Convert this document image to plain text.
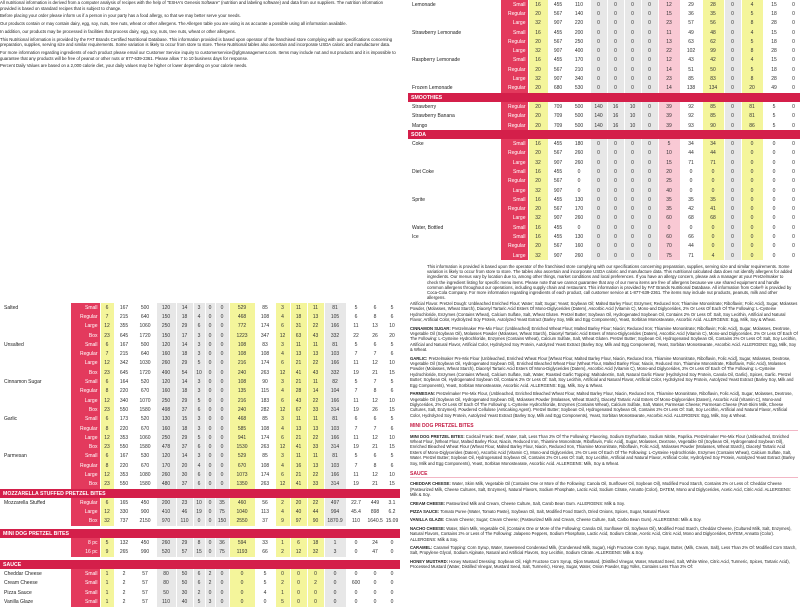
All nutritional information is derived from a computer analysis of recipes with the help of "ESHA's Genesis Software" (nutrition and labeling software) and data from our suppliers. The nutrition information provided is based on standard recipes that is subject to change.

Before placing your order please inform us if a person in your party has a food allergy, so that we may better serve your needs.

Our products contain or may contain dairy, egg, soy, nuts, tree nuts, wheat or other allergens. The Allergen table you are using is as accurate a possible using all information available.

In addition, our products may be processed in facilities that process dairy, egg, soy, nuts, tree nuts, wheat or other allergens.

This Nutritional information is provided by the FAT Brands Certified Nutritional Database. This information provided is based upon operator of the franchised store complying with our specifications concerning preparation, supplies, serving size and similar requirements. Some variation is likely to occur from store to store. These Nutritional tables also ascertain and incorporate USDA caloric and manufacturer data.

For more information regarding ingredients of each product please email our Customer Service inquiry to customerservice@gfgmanagement.com. Items may include nut and nut products and it is impossible to guarantee that any products will be free of peanut or other nuts or 877-639-2361. Please allow 7 to 10 business days for response.

Percent Daily Values are based on a 2,000 calorie diet, your daily values may be higher or lower depending on your calorie needs.

Lemonade	Small	16	455	110	0	0	0	0	12	29	28	0	4	15	0
	Regular	20	567	140	0	0	0	0	15	36	35	0	5	18	0
	Large	32	907	220	0	0	0	0	23	57	56	0	8	28	0
Strawberry Lemonade	Small	16	455	200	0	0	0	0	11	49	48	0	4	15	0
	Regular	20	567	250	0	0	0	0	13	63	62	0	5	18	0
	Large	32	907	400	0	0	0	0	22	102	99	0	8	28	0
Raspberry Lemonade	Small	16	455	170	0	0	0	0	12	43	42	0	4	15	0
	Regular	20	567	210	0	0	0	0	14	51	50	0	5	18	0
	Large	32	907	340	0	0	0	0	23	85	83	0	8	28	0
Frozen Lemonade	Regular	20	680	530	0	0	0	0	14	138	134	0	20	49	0
SMOOTHIES															
Strawberry	Regular	20	709	500	140	16	10	0	39	92	85	0	81	5	0
Strawberry Banana	Regular	20	709	500	140	16	10	0	39	92	85	0	81	5	0
Mango	Regular	20	709	500	140	16	10	0	39	93	90	0	86	5	0
SODA															
Coke	Small	16	455	180	0	0	0	0	5	34	34	0	0	0	0
	Regular	20	567	260	0	0	0	0	10	44	44	0	0	0	0
	Large	32	907	260	0	0	0	0	15	71	71	0	0	0	0
Diet Coke	Small	16	455	0	0	0	0	0	20	0	0	0	0	0	0
	Regular	20	567	0	0	0	0	0	25	0	0	0	0	0	0
	Large	32	907	0	0	0	0	0	40	0	0	0	0	0	0
Sprite	Small	16	455	130	0	0	0	0	35	35	35	0	0	0	0
	Regular	20	567	170	0	0	0	0	35	42	41	0	0	0	0
	Large	32	907	260	0	0	0	0	60	68	68	0	0	0	0
Water, Bottled	Small	16	455	0	0	0	0	0	0	0	0	0	0	0	0
Ice	Small	16	455	130	0	0	0	0	60	66	0	0	0	0	0
	Regular	20	567	160	0	0	0	0	70	44	0	0	0	0	0
	Large	32	907	260	0	0	0	0	75	71	4	0	0	0	0
This information is provided is based upon the operator of the franchised store complying with our specifications concerning preparation, supplies, serving size and similar requirements. Some variation is likely to occur from store to store. The tables also ascertain and incorporate USDA caloric and manufacture data. This nutritional calculated data does not identify allergens for added ingredients. Our menus vary by location due to, among other things, market conditions and local preferences. If you have an allergy concern, please ask a manager at your Pretzelmaker to check the ingredient listing for specific menu items. Please note that we cannot guarantee that any of our menu items are free of allergens because we use shared equipment and handle common allergens throughout our operations, including supply chain and restaurant. This information is provided by FAT Brands Nutritional Database. All information from Coke® is provided by Coca-Cola Company. For more information regarding ingredients of each product, call customer service at 1-877-639-2361. The items may include nut products, peanuts, milk and other allergens.
Salted	Small	6	167	500	120	14	3	0	0	529	85	3	11	11	81	5	6	5
	Regular	7	215	640	150	18	4	0	0	468	108	4	18	13	105	6	8	6
	Large	12	355	1060	250	29	6	0	0	772	174	6	31	22	166	11	13	10
	Box	23	645	1720	150	17	3	0	0	1223	347	12	63	43	332	22	26	20
Unsalted	Small	6	167	500	120	14	3	0	0	108	83	3	11	11	81	5	6	5
	Regular	7	215	640	160	18	3	0	0	108	108	4	13	13	103	7	7	6
	Large	12	342	1030	260	29	5	0	0	216	174	6	21	22	166	11	12	10
	Box	23	645	1720	490	54	10	0	0	240	263	12	41	43	332	19	21	15
Cinnamon Sugar	Small	6	164	520	120	14	3	0	0	108	90	3	21	11	82	5	7	5
	Regular	8	220	670	160	18	3	0	0	135	115	4	28	14	104	7	8	6
	Large	12	340	1070	250	29	5	0	0	216	183	6	43	22	166	11	12	10
	Box	23	550	1580	498	37	6	0	0	240	282	12	67	33	314	19	26	15
Garlic	Small	6	173	520	130	15	3	0	0	468	85	3	11	11	81	6	6	5
	Regular	8	220	670	160	18	3	0	0	585	108	4	13	13	103	7	7	6
	Large	12	353	1060	250	29	5	0	0	941	174	6	21	22	166	11	12	10
	Box	23	550	1580	478	37	6	0	0	1530	263	12	41	33	314	19	21	15
Parmesan	Small	6	167	530	120	14	3	0	0	529	85	3	11	11	81	5	6	5
	Regular	8	220	670	170	20	4	0	0	670	108	4	16	13	103	7	8	6
	Large	12	353	1080	260	30	6	0	0	1073	174	6	21	22	166	11	12	10
	Box	23	550	1580	480	37	6	0	0	1350	263	12	41	33	314	19	21	15
MOZZARELLA STUFFED PRETZEL BITES																		
Mozzarella Stuffed	Regular	6	165	450	200	23	10	0	35	460	56	2	20	22	497	22.7	449	3.1
	Large	12	330	900	410	46	19	0	75	1040	113	4	40	44	994	45.4	898	6.2
	Box	32	737	2150	970	110	0	0	150	2550	37	9	97	90	1870.9	110	1640.5	15.09

MINI DOG PRETZEL BITES																		
	8 pc	5	132	450	260	29	8	0	36	594	33	1	6	18	1	0	24	0
	16 pc	9	265	990	520	57	15	0	75	1193	66	2	12	32	3	0	47	0

SAUCE																		
Cheddar Cheese	Small	1	2	57	80	50	6	2	0	0	5	0	0	0	0	0	0	0
Cream Cheese	Small	1	2	57	80	50	6	2	0	0	5	2	0	2	0	600	0	0
Pizza Sauce	Small	1	2	57	50	30	2	0	0	0	4	1	0	0	0	0	0	0
Vanilla Glaze	Small	1	2	57	110	40	5	3	0	0	0	5	0	0	0	0	0	0

Artificial Flavor. Pretzel Dough: Unbleached Enriched Flour; Water; Salt; Sugar; Yeast; Soybean Oil; Malted Barley Flour; Enzymes; Reduced Iron; Thiamine Mononitrate; Riboflavin; Folic Acid), Sugar, Molasses Powder, (Molasses, Wheat Starch), Diacetyl Tartaric Acid Esters Of Mono-Diglycerides (Datem), Ascorbic Acid (Vitamin C), Mono-and Diglycerides, 2% Or Less Of Each Of The Following: L-Cysteine Hydrochloride, Enzymes (Contains Wheat), Calcium Sulfate, Salt, Wheat Gluten. Pretzel Butter; Soybean Oil, Hydrogenated Soybean Oil, Contains 2% Or Less Of: Salt, Soy Lecithin, Artificial and Natural Flavor, Artificial Color, Hydrolyzed Soy Protein, Autolyzed Yeast Extract (Barley Soy, Milk and Egg Components), Yeast, Sorbitan Monostearate, Ascorbic Acid. ALLERGENS: Egg, Milk, Soy & Wheat.

CINNAMON SUGAR: Pretzelmaker Pre-Mix Flour: (Unbleached) Enriched Wheat Flour; Malted Barley Flour; Niacin; Reduced Iron; Thiamine Mononitrate; Riboflavin; Folic Acid), Sugar, Molasses, Dextrose, Vegetable Oil (Soybean Oil), Molasses Powder (Molasses, Wheat Starch), Diacetyl Tartaric Acid Esters of Mono-Diglycerides (Datem), Ascorbic Acid (Vitamin C), Mono-and Diglycerides. 2% Or Less Of Each Of The Following: L-Cysteine Hydrochloride, Enzymes (Contains Wheat), Calcium Sulfate, Salt, Wheat Gluten. Pretzel Butter; Soybean Oil, Hydrogenated Soybean Oil, Contains 2% Or Less Of: Salt, Soy Lecithin, Artificial and Natural Flavor, Artificial Color, Hydrolyzed Soy Protein, Autolyzed Yeast Extract (Barley Soy, Milk and Egg Components), Yeast, Sorbitan Monostearate, Ascorbic Acid. ALLERGENS: Egg, Milk, Soy & Wheat.

GARLIC: Pretzelmaker Pre-Mix Flour (Unbleached, Enriched Wheat Flour [Wheat Flour, Malted Barley Flour, Niacin, Reduced Iron, Thiamine Mononitrate, Riboflavin, Folic Acid], Sugar, Molasses, Dextrose, Vegetable Oil (Soybean Oil, Hydrogenated Soybean Oil), Enriched Bleached Wheat Flour (Wheat Flour, Malted Barley Flour, Niacin, Reduced Iron, Thiamine Mononitrate, Riboflavin, Folic Acid), Molasses Powder (Molasses, Wheat Starch), Diacetyl Tartaric Acid Esters Of Mono-Diglycerides (Datem), Ascorbic Acid (Vitamin C), Mono-and Diglycerides, 2% Or Less Of Each Of The Following: L-Cysteine Hydrochloride, Enzymes (Contains Wheat), Calcium Sulfate, Salt, Water, Roasted Garlic Topping: Maltodextrin, Salt, Natural Garlic Flavor (Hydrolyzed Soy Protein, Canola Oil, Garlic), Spices, Garlic. Pretzel Butter; Soybean Oil, Hydrogenated Soybean Oil, Contains 2% Or Less Of: Salt, Soy Lecithin, Artificial and Natural Flavor, Artificial Color, Hydrolyzed Soy Protein, Autolyzed Yeast Extract (Barley Soy, Milk and Egg Components), Yeast, Sorbitan Monostearate, Ascorbic Acid. ALLERGENS: Egg, Milk, Soy & Wheat.

PARMESAN: Pretzelmaker Pre-Mix Flour, (Unbleached, Enriched Bleached Wheat Flour, Malted Barley Flour, Niacin, Reduced Iron, Thiamine Mononitrate, Riboflavin, Folic Acid), Sugar, Molasses, Dextrose, Vegetable Oil (Soybean Oil, Hydrogenated Soybean Oil), Molasses Powder (Molasses, Wheat Starch), Diacetyl Tartaric Acid Esters Of Mono-Diglycerides (Datem), Ascorbic Acid (Vitamin C), Mono-and Diglycerides, 2% Or Less Of Each Of The Following: L-Cysteine Hydrochloride, Enzymes (Contains Wheat), Calcium Sulfate, Salt, Water, Parmesan Cheese; Parmesan Cheese (Part-Skim Milk, Cheese Cultures, Salt, Enzymes). Powdered Cellulose (Anticaking Agent). Pretzel Butter; Soybean Oil, Hydrogenated Soybean Oil, Contains 2% Or Less Of: Salt, Soy Lecithin, Artificial and Natural Flavor, Artificial Color, Hydrolyzed Soy Protein, Autolyzed Yeast Extract (Barley Soy, Milk and Egg Components), Yeast, Sorbitan Monostearate, Ascorbic Acid. ALLERGENS: Egg, Milk, Soy & Wheat.

MINI DOG PRETZEL BITES

MINI DOG PRETZEL BITES: Cocktail Frank: Beef, Water, Salt, Less Than 2% Of The Following: Flavoring, Sodium Erythorbate, Sodium Nitrite, Paprika. Pretzelmaker Pre-Mix Flour (Unbleached, Enriched Wheat Flour, [Wheat Flour, Malted Barley Flour, Niacin, Reduced Iron, Thiamine Mononitrate, Riboflavin, Folic Acid], Sugar, Molasses, Dextrose, Vegetable Oil (Soybean Oil, Hydrogenated Soybean Oil), Enriched Bleached Wheat Flour (Wheat Flour, Malted Barley Flour, Niacin, Reduced Iron, Thiamine Mononitrate, Riboflavin, Folic Acid), Molasses Powder (Molasses, Wheat Starch), Diacetyl Tartaric Acid Esters of Mono-Diglycerides (Datem), Ascorbic Acid (Vitamin C), Mono-and Diglycerides, 2% Or Less Of Each Of The Following: L-Cysteine Hydrochloride, Enzymes (Contains Wheat), Calcium Sulfate, Salt, Water. Pretzel Butter; Soybean Oil, Hydrogenated Soybean Oil, Contains 2% Or Less Of: Salt, Soy Lecithin, Artificial and Natural Flavor, Artificial Color, Hydrolyzed Soy Protein, Autolyzed Yeast Extract (Barley Soy, Milk and Egg Components), Yeast, Sorbitan Monostearate, Ascorbic Acid. ALLERGENS: Milk, Soy & Wheat.

SAUCE

CHEDDAR CHEESE: Water, Skim Milk, Vegetable Oil (Contains One or More of the Following: Canola Oil, Sunflower Oil, Soybean Oil), Modified Food Starch, Contains 2% or Less of: Cheddar Cheese (Pasteurized Milk, Cheese Cultures, Salt, Enzymes), Natural Flavors, Sodium Phosphate, Lactic Acid, Sodium Citrate, Annatto (Color), DATEM, Mono and Diglycerides, Acetic Acid, Citric Acid. ALLERGENS: Milk & Soy.

CREAM CHEESE: Pasteurized Milk and Cream, Cheese Culture, Salt, Carob Bean Gum. ALLERGENS: Milk & Soy.

PIZZA SAUCE: Tomato Puree (Water, Tomato Paste), Soybean Oil, Salt, Modified Food Starch, Dried Onions, Spices, Sugar, Natural Flavor.

VANILLA GLAZE: Cream Cheese; Sugar; Cream Cheese; (Pasteurized Milk and Cream, Cheese Culture, Salt, Carbo Bean Gum). ALLERGENS: Milk & Soy.

NACHO CHEESE: Water, Skim Milk, Vegetable Oil, (Contains One or More of the Following: Canola Oil, Sunflower Oil, Soybean Oil), Modified Food Starch, Cheddar Cheese, (Cultured Milk, Salt, Enzymes), Natural Flavors, Contains 2% or Less of The Following: Jalapeno Peppers, Sodium Phosphate, Lactic Acid, Sodium Citrate, Acetic Acid, Citric Acid, Mono and Diglycerides, DATEM, Annatto (Color). ALLERGENS: Milk & Soy.

CARAMEL: Caramel Topping: Corn Syrup, Water, Sweetened Condensed Milk, (Condensed Milk, Sugar), High Fructose Corn Syrup, Sugar, Butter, (Milk, Cream, Salt), Less Than 2% Of: Modified Corn Starch, Salt, Propylene Glycol, Sodium Alginate, Natural and Artificial Flavors, Soy Lecithin, Sodium Citrate. ALLERGENS: Milk & Soy.

HONEY MUSTARD: Honey Mustard Dressing: Soybean Oil, High Fructose Corn Syrup, Dijon Mustard, (Distilled Vinegar, Water, Mustard Seed, Salt, White Wine, Citric Acid, Turmeric, Spices, Tartaric Acid), Processed Mustard (Water, Distilled Vinegar, Mustard Seed, Salt, Turmeric), Honey, Sugar, Water, Onion Powder, Egg Yolks, Contains Less Than 2% Of:
